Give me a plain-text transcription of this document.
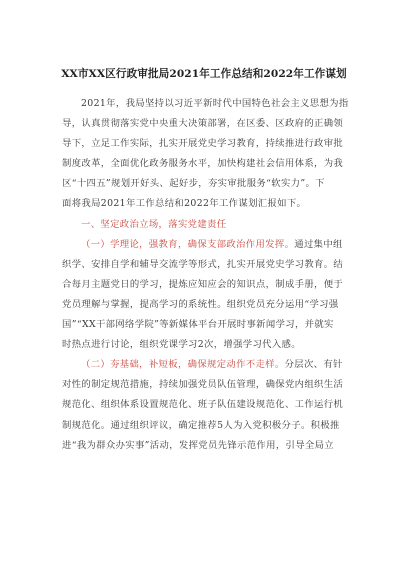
XX市XX区行政审批局2021年工作总结和2022年工作谋划

2021年，我局坚持以习近平新时代中国特色社会主义思想为指

导，认真贯彻落实党中央重大决策部署，在区委、区政府的正确领

导下，立足工作实际，扎实开展党史学习教育，持续推进行政审批

制度改革，全面优化政务服务水平，加快构建社会信用体系，为我

区“十四五”规划开好头、起好步，夯实审批服务“软实力”。下

面将我局2021年工作总结和2022年工作谋划汇报如下。

一、坚定政治立场，落实党建责任

（一）学理论，强教育，确保支部政治作用发挥。通过集中组

织学、安排自学和辅导交流学等形式，扎实开展党史学习教育。结

合每月主题党日的学习，提炼应知应会的知识点，制成手册，便于

党员理解与掌握，提高学习的系统性。组织党员充分运用“学习强

国”“XX干部网络学院”等新媒体平台开展时事新闻学习，并就实

时热点进行讨论，组织党课学习2次，增强学习代入感。

（二）夯基础，补短板，确保规定动作不走样。分层次、有针

对性的制定规范措施，持续加强党员队伍管理，确保党内组织生活

规范化、组织体系设置规范化、班子队伍建设规范化、工作运行机

制规范化。通过组织评议，确定推荐5人为入党积极分子。积极推

进“我为群众办实事”活动，发挥党员先锋示范作用，引导全局立
